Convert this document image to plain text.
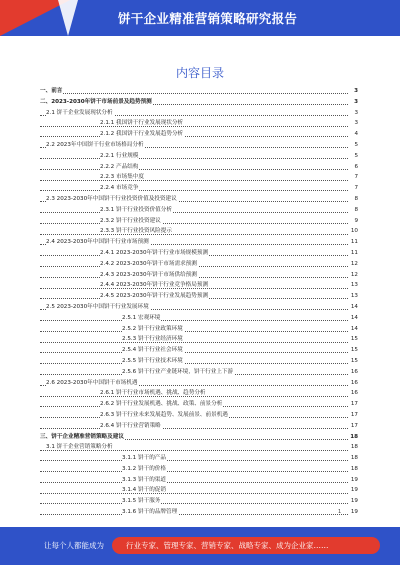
饼干企业精准营销策略研究报告
内容目录
一、前言	3
二、2023-2030年饼干市场前景及趋势预测	3
2.1 饼干企业发展现状分析	3
2.1.1 我国饼干行业发展现状分析	3
2.1.2 我国饼干行业发展趋势分析	4
2.2 2023年中国饼干行业市场格局分析	5
2.2.1 行业规模	5
2.2.2 产品结构	6
2.2.3 市场集中度	7
2.2.4 市场竞争	7
2.3 2023-2030年中国饼干行业投资价值及投资建议	8
2.3.1 饼干行业投资价值分析	8
2.3.2 饼干行业投资建议	9
2.3.3 饼干行业投资风险提示	10
2.4 2023-2030年中国饼干行业市场预测	11
2.4.1 2023-2030年饼干行业市场规模预测	11
2.4.2 2023-2030年饼干市场需求预测	12
2.4.3 2023-2030年饼干市场供给预测	12
2.4.4 2023-2030年饼干行业竞争格局预测	13
2.4.5 2023-2030年饼干行业发展趋势预测	13
2.5 2023-2030年中国饼干行业发展环境	14
2.5.1 宏观环境	14
2.5.2 饼干行业政策环境	14
2.5.3 饼干行业经济环境	15
2.5.4 饼干行业社会环境	15
2.5.5 饼干行业技术环境	15
2.5.6 饼干行业产业链环境，饼干行业上下游	16
2.6 2023-2030年中国饼干市场机遇	16
2.6.1 饼干行业市场机遇、挑战、趋势分析	16
2.6.2 饼干行业发展机遇、挑战、政策、前景分析	17
2.6.3 饼干行业未来发展趋势、发展前景、前景机遇	17
2.6.4 饼干行业营销策略	17
三、饼干企业精准营销策略及建议	18
3.1 饼干企业营销策略分析	18
3.1.1 饼干的产品	18
3.1.2 饼干的价格	18
3.1.3 饼干的渠道	19
3.1.4 饼干的促销	19
3.1.5 饼干服务	19
3.1.6 饼干的品牌管理	19
1
让每个人都能成为	行业专家、管理专家、营销专家、战略专家、成为企业家……
